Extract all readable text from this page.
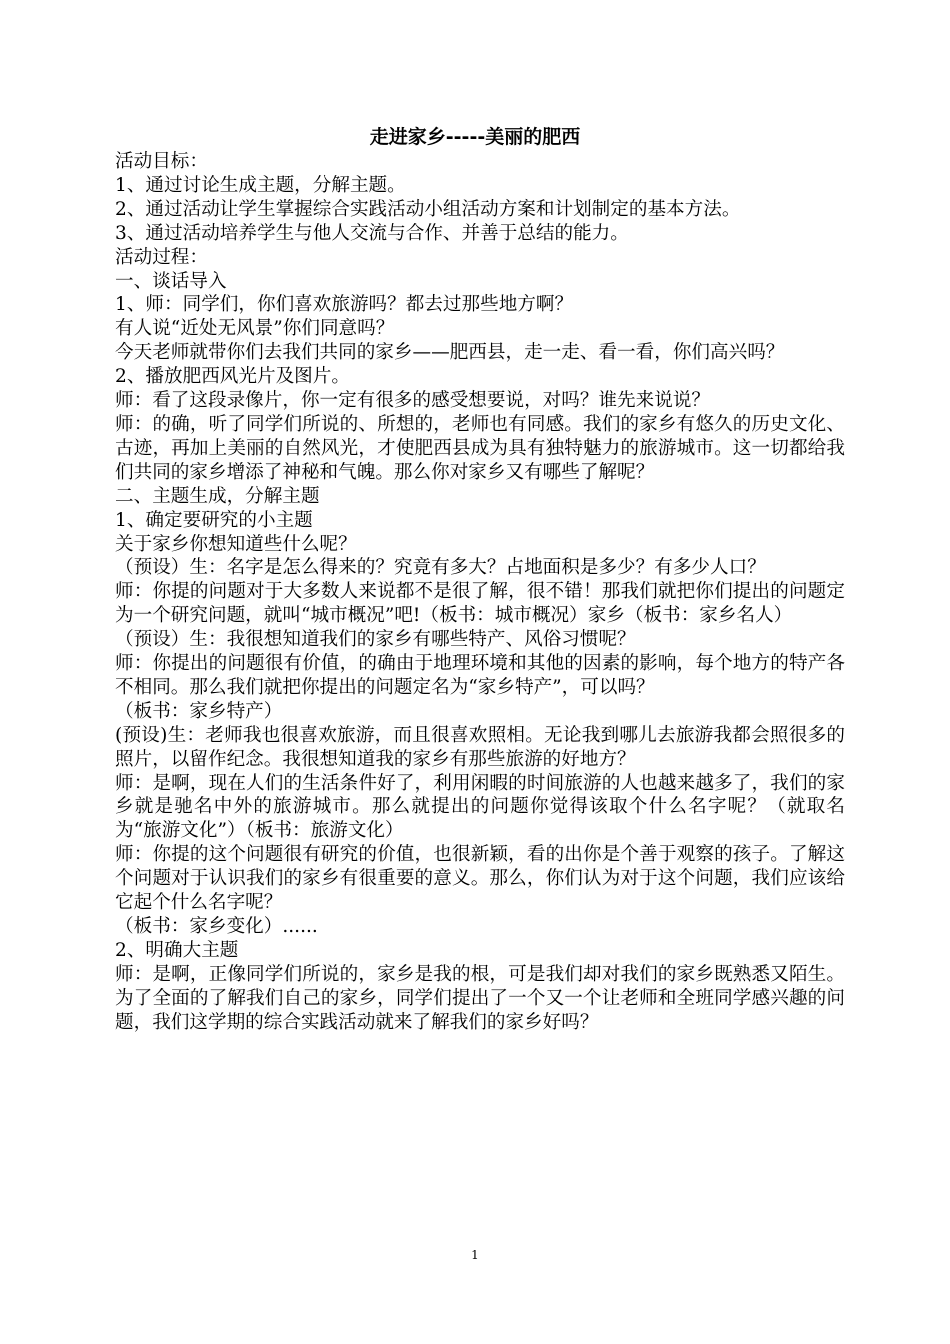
走进家乡-----美丽的肥西

活动目标：

1、通过讨论生成主题，分解主题。

2、通过活动让学生掌握综合实践活动小组活动方案和计划制定的基本方法。

3、通过活动培养学生与他人交流与合作、并善于总结的能力。

活动过程：

一、谈话导入

1、师：同学们，你们喜欢旅游吗？都去过那些地方啊？

有人说“近处无风景”你们同意吗？

今天老师就带你们去我们共同的家乡——肥西县，走一走、看一看，你们高兴吗？

2、播放肥西风光片及图片。

师：看了这段录像片，你一定有很多的感受想要说，对吗？谁先来说说？

师：的确，听了同学们所说的、所想的，老师也有同感。我们的家乡有悠久的历史文化、古迹，再加上美丽的自然风光，才使肥西县成为具有独特魅力的旅游城市。这一切都给我们共同的家乡增添了神秘和气魄。那么你对家乡又有哪些了解呢？

二、主题生成，分解主题

1、确定要研究的小主题

关于家乡你想知道些什么呢？

（预设）生：名字是怎么得来的？究竟有多大？占地面积是多少？有多少人口？

师：你提的问题对于大多数人来说都不是很了解，很不错！那我们就把你们提出的问题定为一个研究问题，就叫“城市概况”吧!（板书：城市概况）家乡（板书：家乡名人）

（预设）生：我很想知道我们的家乡有哪些特产、风俗习惯呢？

师：你提出的问题很有价值，的确由于地理环境和其他的因素的影响，每个地方的特产各不相同。那么我们就把你提出的问题定名为“家乡特产”，可以吗？

（板书：家乡特产）

(预设)生：老师我也很喜欢旅游，而且很喜欢照相。无论我到哪儿去旅游我都会照很多的照片，以留作纪念。我很想知道我的家乡有那些旅游的好地方？

师：是啊，现在人们的生活条件好了，利用闲暇的时间旅游的人也越来越多了，我们的家乡就是驰名中外的旅游城市。那么就提出的问题你觉得该取个什么名字呢？（就取名为“旅游文化”）（板书：旅游文化）

师：你提的这个问题很有研究的价值，也很新颖，看的出你是个善于观察的孩子。了解这个问题对于认识我们的家乡有很重要的意义。那么，你们认为对于这个问题，我们应该给它起个什么名字呢？

（板书：家乡变化）......

2、明确大主题

师：是啊，正像同学们所说的，家乡是我的根，可是我们却对我们的家乡既熟悉又陌生。为了全面的了解我们自己的家乡，同学们提出了一个又一个让老师和全班同学感兴趣的问题，我们这学期的综合实践活动就来了解我们的家乡好吗？

1
